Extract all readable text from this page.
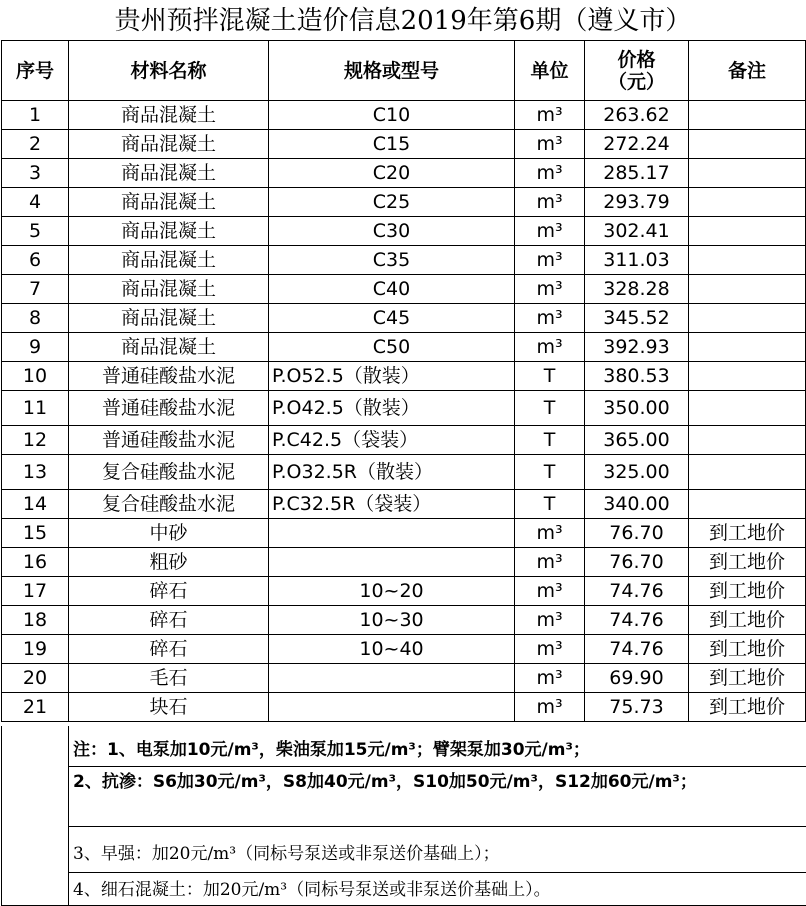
贵州预拌混凝土造价信息2019年第6期（遵义市）
序号	材料名称	规格或型号	单位	价格（元）	备注
1	商品混凝土	C10	m³	263.62	
2	商品混凝土	C15	m³	272.24	
3	商品混凝土	C20	m³	285.17	
4	商品混凝土	C25	m³	293.79	
5	商品混凝土	C30	m³	302.41	
6	商品混凝土	C35	m³	311.03	
7	商品混凝土	C40	m³	328.28	
8	商品混凝土	C45	m³	345.52	
9	商品混凝土	C50	m³	392.93	
10	普通硅酸盐水泥	P.O52.5（散装）	T	380.53	
11	普通硅酸盐水泥	P.O42.5（散装）	T	350.00	
12	普通硅酸盐水泥	P.C42.5（袋装）	T	365.00	
13	复合硅酸盐水泥	P.O32.5R（散装）	T	325.00	
14	复合硅酸盐水泥	P.C32.5R（袋装）	T	340.00	
15	中砂		m³	76.70	到工地价
16	粗砂		m³	76.70	到工地价
17	碎石	10~20	m³	74.76	到工地价
18	碎石	10~30	m³	74.76	到工地价
19	碎石	10~40	m³	74.76	到工地价
20	毛石		m³	69.90	到工地价
21	块石		m³	75.73	到工地价
注：1、电泵加10元/m³，柴油泵加15元/m³；臂架泵加30元/m³；
2、抗渗：S6加30元/m³，S8加40元/m³，S10加50元/m³，S12加60元/m³；
3、早强：加20元/m³（同标号泵送或非泵送价基础上）；
4、细石混凝土：加20元/m³（同标号泵送或非泵送价基础上）。
